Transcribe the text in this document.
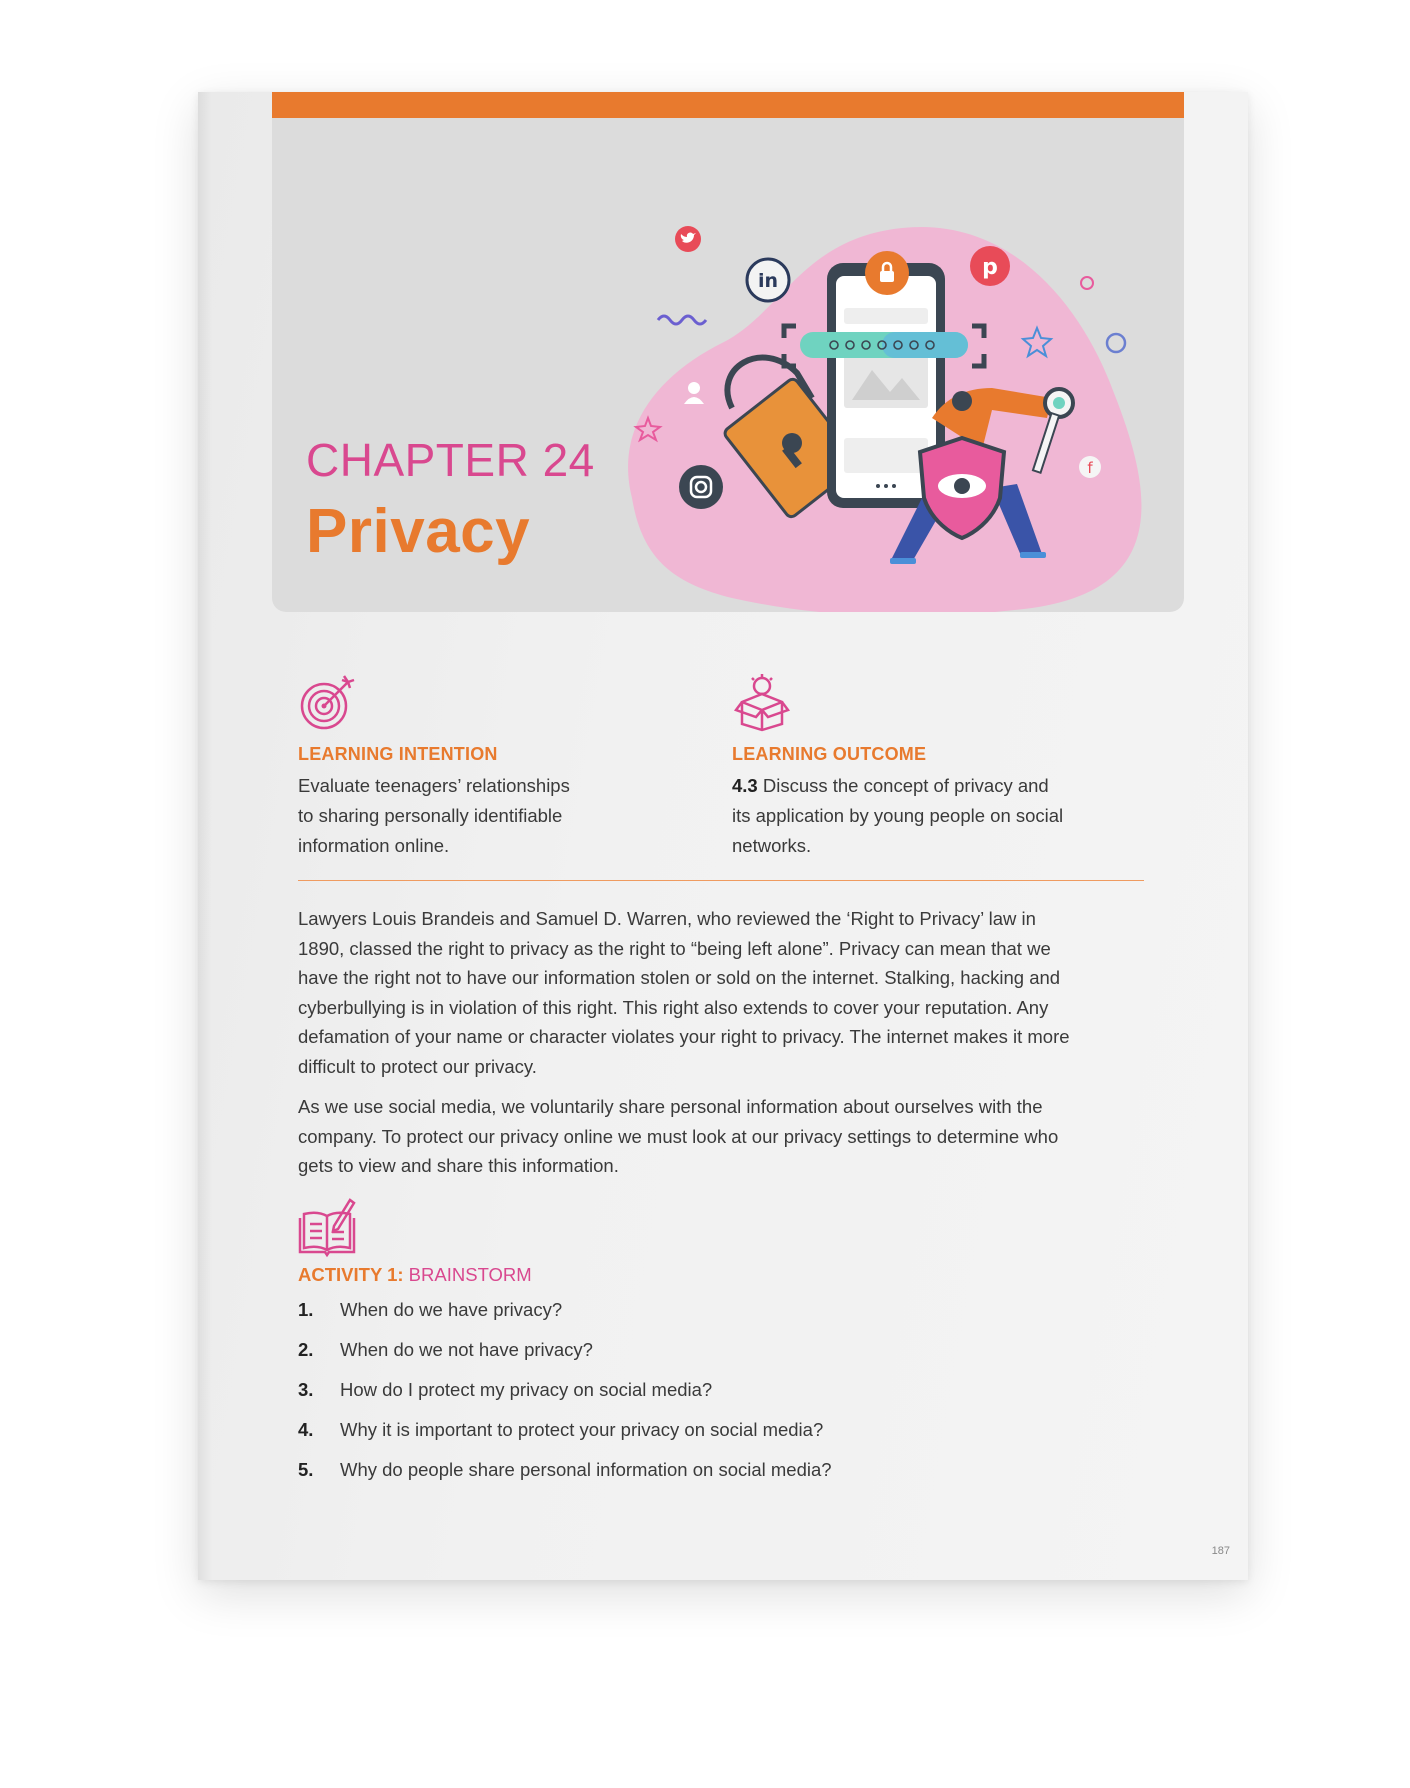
CHAPTER 24
Privacy
in
p
f
LEARNING INTENTION
Evaluate teenagers’ relationships
to sharing personally identifiable
information online.
LEARNING OUTCOME
4.3 Discuss the concept of privacy and
its application by young people on social
networks.

Lawyers Louis Brandeis and Samuel D. Warren, who reviewed the ‘Right to Privacy’ law in
1890, classed the right to privacy as the right to “being left alone”. Privacy can mean that we
have the right not to have our information stolen or sold on the internet. Stalking, hacking and
cyberbullying is in violation of this right. This right also extends to cover your reputation. Any
defamation of your name or character violates your right to privacy. The internet makes it more
difficult to protect our privacy.

As we use social media, we voluntarily share personal information about ourselves with the
company. To protect our privacy online we must look at our privacy settings to determine who
gets to view and share this information.

ACTIVITY 1: BRAINSTORM
1.	When do we have privacy?
2.	When do we not have privacy?
3.	How do I protect my privacy on social media?
4.	Why it is important to protect your privacy on social media?
5.	Why do people share personal information on social media?
187
